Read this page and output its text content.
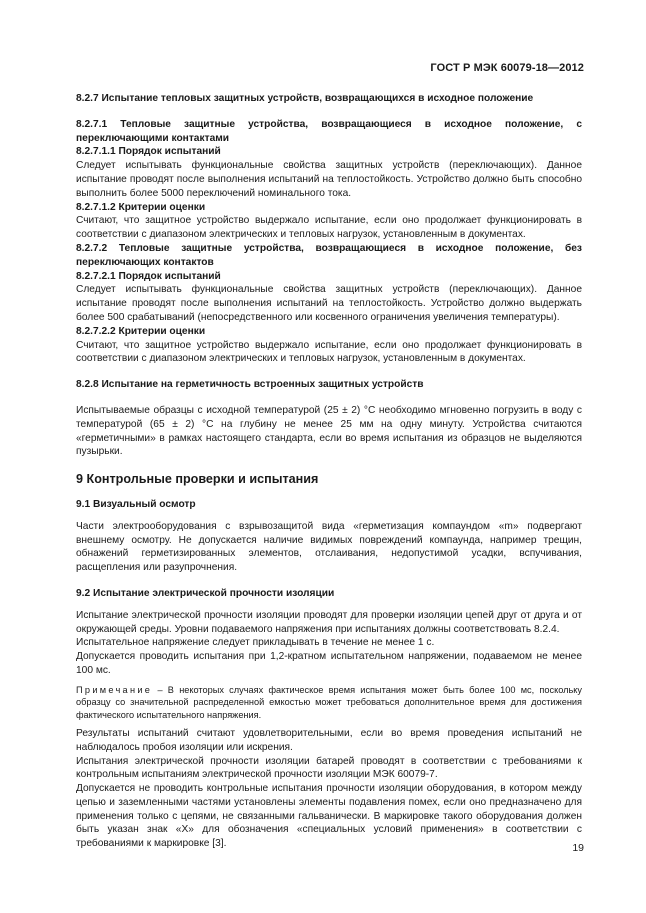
ГОСТ Р МЭК 60079-18—2012

8.2.7 Испытание тепловых защитных устройств, возвращающихся в исходное положение

8.2.7.1 Тепловые защитные устройства, возвращающиеся в исходное положение, с переключающими контактами

8.2.7.1.1 Порядок испытаний

Следует испытывать функциональные свойства защитных устройств (переключающих). Данное испытание проводят после выполнения испытаний на теплостойкость. Устройство должно быть способно выполнить более 5000 переключений номинального тока.

8.2.7.1.2 Критерии оценки

Считают, что защитное устройство выдержало испытание, если оно продолжает функционировать в соответствии с диапазоном электрических и тепловых нагрузок, установленным в документах.

8.2.7.2 Тепловые защитные устройства, возвращающиеся в исходное положение, без переключающих контактов

8.2.7.2.1 Порядок испытаний

Следует испытывать функциональные свойства защитных устройств (переключающих). Данное испытание проводят после выполнения испытаний на теплостойкость. Устройство должно выдержать более 500 срабатываний (непосредственного или косвенного ограничения увеличения температуры).

8.2.7.2.2 Критерии оценки

Считают, что защитное устройство выдержало испытание, если оно продолжает функционировать в соответствии с диапазоном электрических и тепловых нагрузок, установленным в документах.

8.2.8 Испытание на герметичность встроенных защитных устройств

Испытываемые образцы с исходной температурой (25 ± 2) °С необходимо мгновенно погрузить в воду с температурой (65 ± 2) °С на глубину не менее 25 мм на одну минуту. Устройства считаются «герметичными» в рамках настоящего стандарта, если во время испытания из образцов не выделяются пузырьки.

9 Контрольные проверки и испытания

9.1 Визуальный осмотр

Части электрооборудования с взрывозащитой вида «герметизация компаундом «m» подвергают внешнему осмотру. Не допускается наличие видимых повреждений компаунда, например трещин, обнажений герметизированных элементов, отслаивания, недопустимой усадки, вспучивания, расщепления или разупрочнения.

9.2 Испытание электрической прочности изоляции

Испытание электрической прочности изоляции проводят для проверки изоляции цепей друг от друга и от окружающей среды. Уровни подаваемого напряжения при испытаниях должны соответствовать 8.2.4.

Испытательное напряжение следует прикладывать в течение не менее 1 с.

Допускается проводить испытания при 1,2-кратном испытательном напряжении, подаваемом не менее 100 мс.

Примечание – В некоторых случаях фактическое время испытания может быть более 100 мс, поскольку образцу со значительной распределенной емкостью может требоваться дополнительное время для достижения фактического испытательного напряжения.

Результаты испытаний считают удовлетворительными, если во время проведения испытаний не наблюдалось пробоя изоляции или искрения.

Испытания электрической прочности изоляции батарей проводят в соответствии с требованиями к контрольным испытаниям электрической прочности изоляции МЭК 60079-7.

Допускается не проводить контрольные испытания прочности изоляции оборудования, в котором между цепью и заземленными частями установлены элементы подавления помех, если оно предназначено для применения только с цепями, не связанными гальванически. В маркировке такого оборудования должен быть указан знак «X» для обозначения «специальных условий применения» в соответствии с требованиями к маркировке [3].	19
